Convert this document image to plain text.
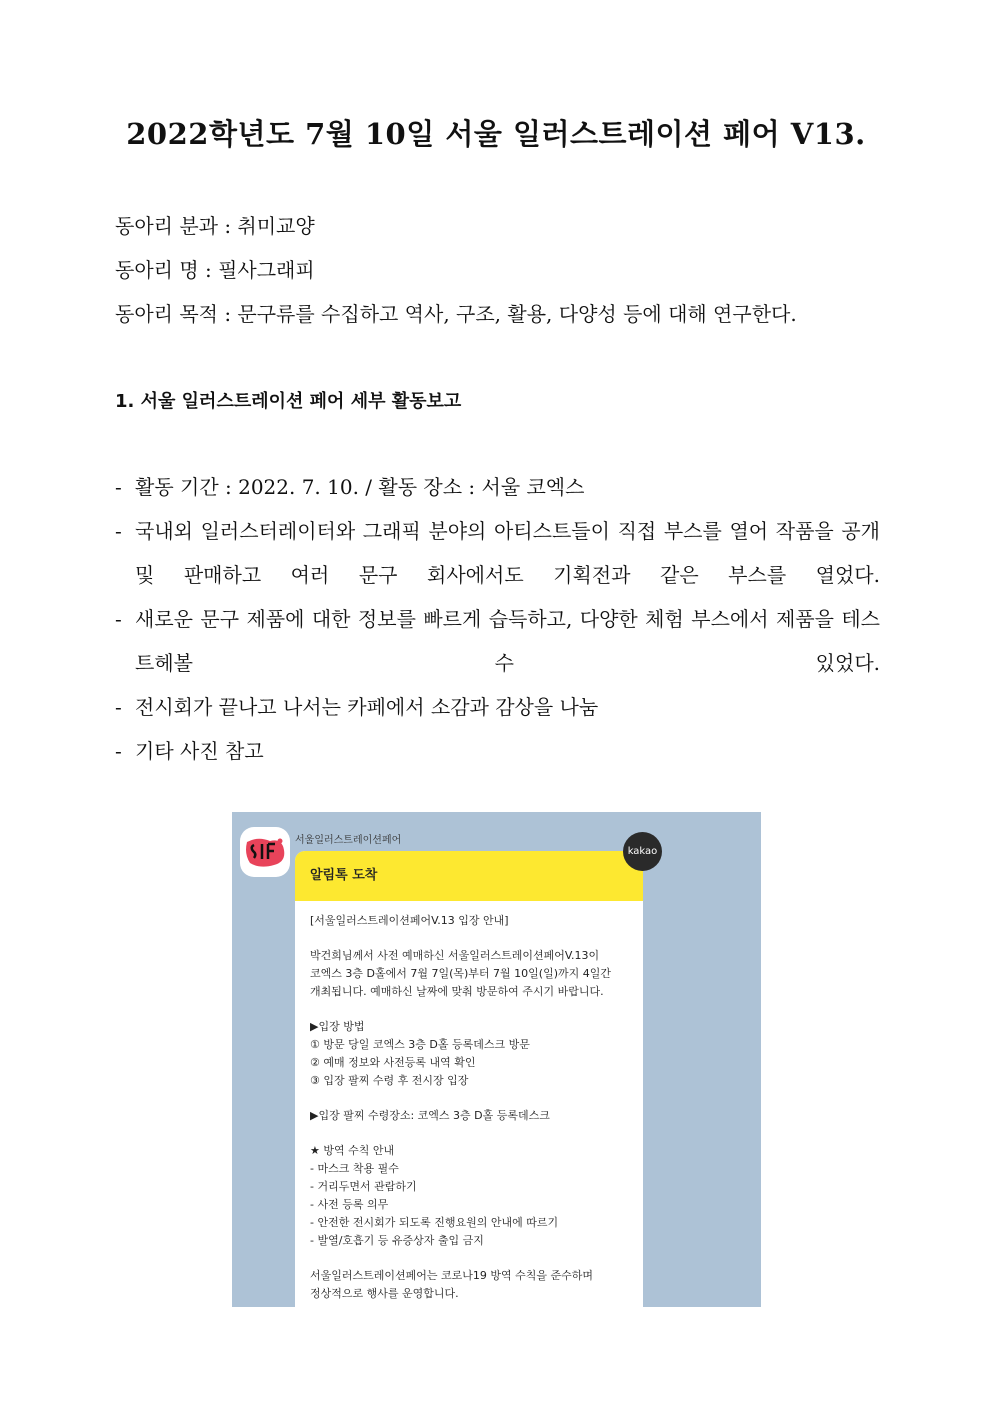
2022학년도 7월 10일 서울 일러스트레이션 페어 V13.
동아리 분과 : 취미교양
동아리 명 : 필사그래피
동아리 목적 : 문구류를 수집하고 역사, 구조, 활용, 다양성 등에 대해 연구한다.
1. 서울 일러스트레이션 페어 세부 활동보고
- 활동 기간 : 2022. 7. 10. / 활동 장소 : 서울 코엑스
- 국내외 일러스터레이터와 그래픽 분야의 아티스트들이 직접 부스를 열어 작품을 공개 및 판매하고 여러 문구 회사에서도 기획전과 같은 부스를 열었다.
- 새로운 문구 제품에 대한 정보를 빠르게 습득하고, 다양한 체험 부스에서 제품을 테스트헤볼 수 있었다.
- 전시회가 끝나고 나서는 카페에서 소감과 감상을 나눔
- 기타 사진 참고
서울일러스트레이션페어
알림톡 도착
[서울일러스트레이션페어V.13 입장 안내]
박건희님께서 사전 예매하신 서울일러스트레이션페어V.13이
코엑스 3층 D홀에서 7월 7일(목)부터 7월 10일(일)까지 4일간
개최됩니다. 예매하신 날짜에 맞춰 방문하여 주시기 바랍니다.
▶입장 방법
① 방문 당일 코엑스 3층 D홀 등록데스크 방문
② 예매 정보와 사전등록 내역 확인
③ 입장 팔찌 수령 후 전시장 입장
▶입장 팔찌 수령장소: 코엑스 3층 D홀 등록데스크
★ 방역 수칙 안내
- 마스크 착용 필수
- 거리두면서 관람하기
- 사전 등록 의무
- 안전한 전시회가 되도록 진행요원의 안내에 따르기
- 발열/호흡기 등 유증상자 출입 금지
서울일러스트레이션페어는 코로나19 방역 수칙을 준수하며
정상적으로 행사를 운영합니다.
kakao
